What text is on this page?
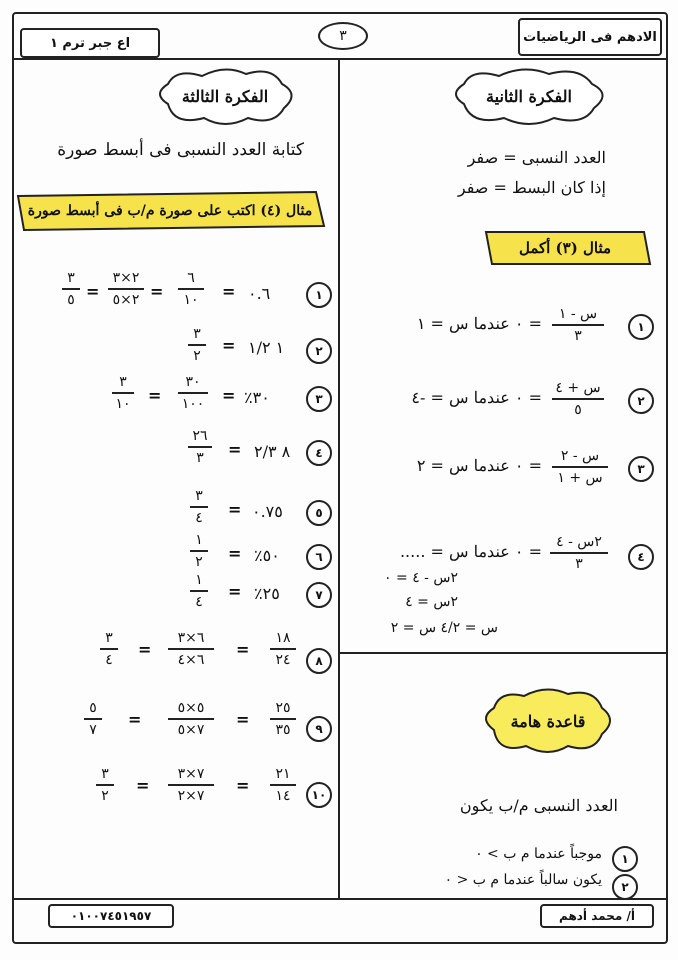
الادهم فى الرياضيات
اع جبر ترم ١	٣
الفكرة الثانية
العدد النسبى = صفر
إذا كان البسط = صفر
مثال (٣) أكمل
١
س - ١
٣
= ٠ عندما س = ١
٢
س + ٤
٥
= ٠ عندما س = -٤
٣
س - ٢
س + ١
= ٠ عندما س = ٢
٤
٢س - ٤
٣
= ٠ عندما س = .....
٢س - ٤ = ٠
٢س = ٤
س = ٤/٢ س = ٢
قاعدة هامة
العدد النسبى م/ب يكون
١
موجباً عندما م ب > ٠
٢
يكون سالباً عندما م ب < ٠
الفكرة الثالثة
كتابة العدد النسبى فى أبسط صورة
مثال (٤) اكتب على صورة م/ب فى أبسط صورة
١
٠.٦
=
٦
١٠
=
٢×٣
٢×٥
=
٣
٥
٢
١ ١/٢
=
٣
٢
٣
٣٠٪
=
٣٠
١٠٠
=
٣
١٠
٤
٨ ٢/٣
=
٢٦
٣
٥
٠.٧٥
=
٣
٤
٦
٥٠٪
=
١
٢
٧
٢٥٪
=
١
٤
٨
١٨
٢٤
=
٦×٣
٦×٤
=
٣
٤
٩
٢٥
٣٥
=
٥×٥
٧×٥
=
٥
٧
١٠
٢١
١٤
=
٧×٣
٧×٢
=
٣
٢
٠١٠٠٧٤٥١٩٥٧	أ/ محمد أدهم
